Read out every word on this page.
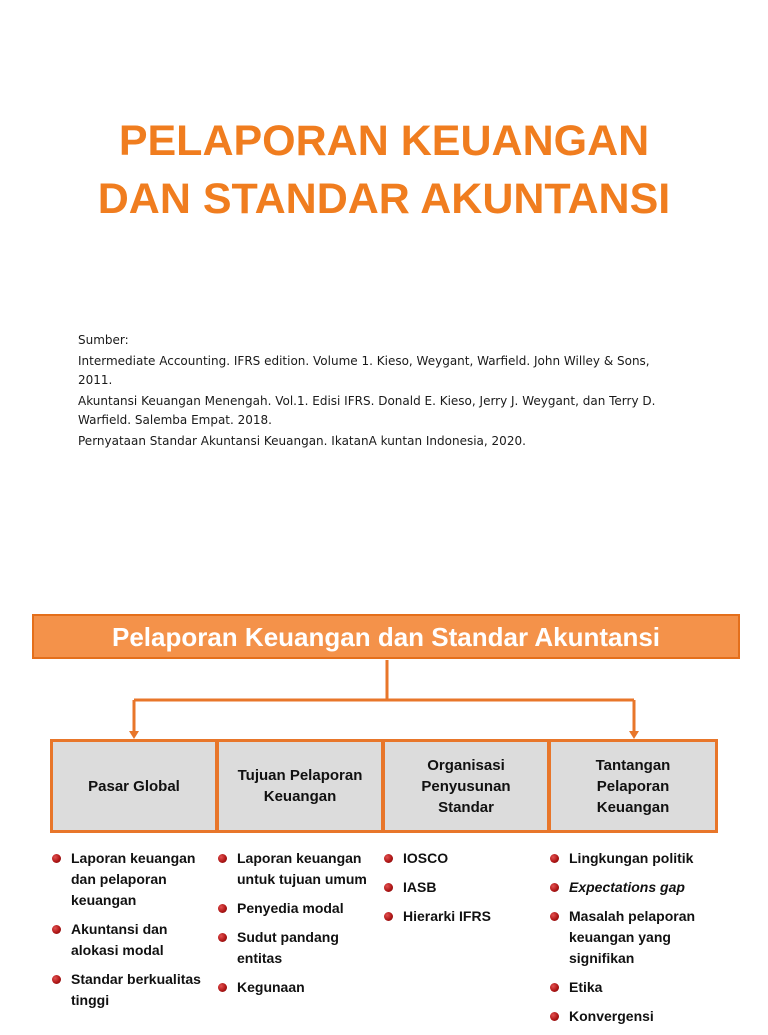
PELAPORAN KEUANGAN
DAN STANDAR AKUNTANSI

Sumber:

Intermediate Accounting. IFRS edition. Volume 1. Kieso, Weygant, Warfield. John Willey & Sons, 2011.

Akuntansi Keuangan Menengah. Vol.1. Edisi IFRS. Donald E. Kieso, Jerry J. Weygant, dan Terry D. Warfield. Salemba Empat. 2018.

Pernyataan Standar Akuntansi Keuangan. IkatanA kuntan Indonesia, 2020.

Pelaporan Keuangan dan Standar Akuntansi
Pasar Global
Tujuan Pelaporan Keuangan
Organisasi Penyusunan Standar
Tantangan Pelaporan Keuangan
Laporan keuangan dan pelaporan keuangan
Akuntansi dan alokasi modal
Standar berkualitas tinggi
Laporan keuangan untuk tujuan umum
Penyedia modal
Sudut pandang entitas
Kegunaan
IOSCO
IASB
Hierarki IFRS
Lingkungan politik
Expectations gap
Masalah pelaporan keuangan yang signifikan
Etika
Konvergensi
